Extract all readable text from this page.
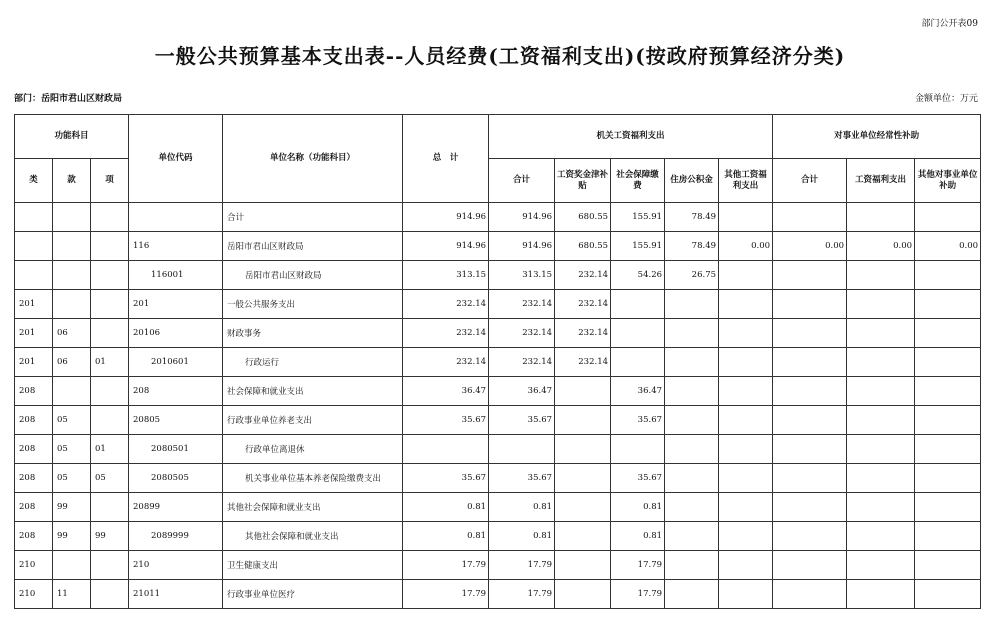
部门公开表09
一般公共预算基本支出表--人员经费(工资福利支出)(按政府预算经济分类)
部门：岳阳市君山区财政局	金额单位：万元
功能科目			单位代码	单位名称（功能科目）	总　计	机关工资福利支出					对事业单位经常性补助		
类	款	项				合计	工资奖金津补贴	社会保障缴费	住房公积金	其他工资福利支出	合计	工资福利支出	其他对事业单位补助
				合计	914.96	914.96	680.55	155.91	78.49				
			116	岳阳市君山区财政局	914.96	914.96	680.55	155.91	78.49	0.00	0.00	0.00	0.00
			116001	岳阳市君山区财政局	313.15	313.15	232.14	54.26	26.75				
201			201	一般公共服务支出	232.14	232.14	232.14						
201	06		20106	财政事务	232.14	232.14	232.14						
201	06	01	2010601	行政运行	232.14	232.14	232.14						
208			208	社会保障和就业支出	36.47	36.47		36.47					
208	05		20805	行政事业单位养老支出	35.67	35.67		35.67					
208	05	01	2080501	行政单位离退休									
208	05	05	2080505	机关事业单位基本养老保险缴费支出	35.67	35.67		35.67					
208	99		20899	其他社会保障和就业支出	0.81	0.81		0.81					
208	99	99	2089999	其他社会保障和就业支出	0.81	0.81		0.81					
210			210	卫生健康支出	17.79	17.79		17.79					
210	11		21011	行政事业单位医疗	17.79	17.79		17.79					
